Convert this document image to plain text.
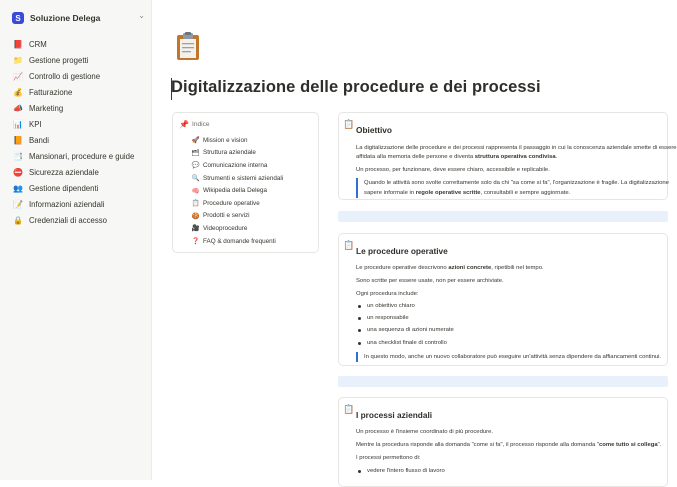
S	Soluzione Delega	⌄
📕 CRM
📁 Gestione progetti
📈 Controllo di gestione
💰 Fatturazione
📣 Marketing
📊 KPI
📙 Bandi
📑 Mansionari, procedure e guide
⛔ Sicurezza aziendale
👥 Gestione dipendenti
📝 Informazioni aziendali
🔒 Credenziali di accesso
Digitalizzazione delle procedure e dei processi
📌 Indice
🚀 Mission e vision
🗂 Struttura aziendale
💬 Comunicazione interna
🔍 Strumenti e sistemi aziendali
🧠 Wikipedia della Delega
📋 Procedure operative
🍪 Prodotti e servizi
🎥 Videoprocedure
❓ FAQ & domande frequenti
📋
Obiettivo
La digitalizzazione delle procedure e dei processi rappresenta il passaggio in cui la conoscenza aziendale smette di essere
affidata alla memoria delle persone e diventa struttura operativa condivisa.
Un processo, per funzionare, deve essere chiaro, accessibile e replicabile.
Quando le attività sono svolte correttamente solo da chi "sa come si fa", l'organizzazione è fragile. La digitalizzazione
sapere informale in regole operative scritte, consultabili e sempre aggiornate.
📋
Le procedure operative
Le procedure operative descrivono azioni concrete, ripetibili nel tempo.
Sono scritte per essere usate, non per essere archiviate.
Ogni procedura include:
un obiettivo chiaro
un responsabile
una sequenza di azioni numerate
una checklist finale di controllo
In questo modo, anche un nuovo collaboratore può eseguire un'attività senza dipendere da affiancamenti continui.
📋
I processi aziendali
Un processo è l'insieme coordinato di più procedure.
Mentre la procedura risponde alla domanda "come si fa", il processo risponde alla domanda "come tutto si collega".
I processi permettono di:
vedere l'intero flusso di lavoro
